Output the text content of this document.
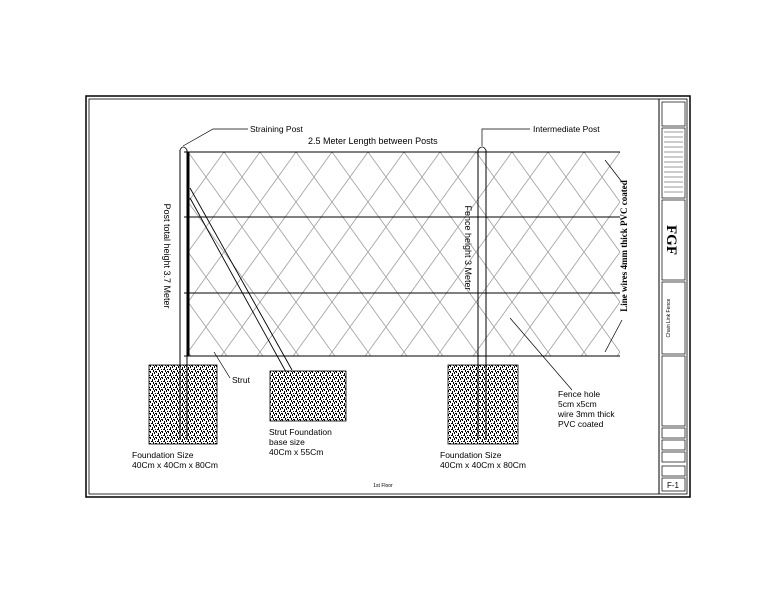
FGF
Chain Link Fence
F-1
Straining Post	Intermediate Post
2.5 Meter Length between Posts
Post total height 3.7 Meter	Fence height 3 Meter	Line wires 4mm thick PVC coated
Strut
Fence hole
5cm x5cm
wire 3mm thick
PVC coated
Foundation Size
40Cm x 40Cm x 80Cm
Strut Foundation
base size
40Cm x 55Cm	Foundation Size
40Cm x 40Cm x 80Cm
1st Floor
